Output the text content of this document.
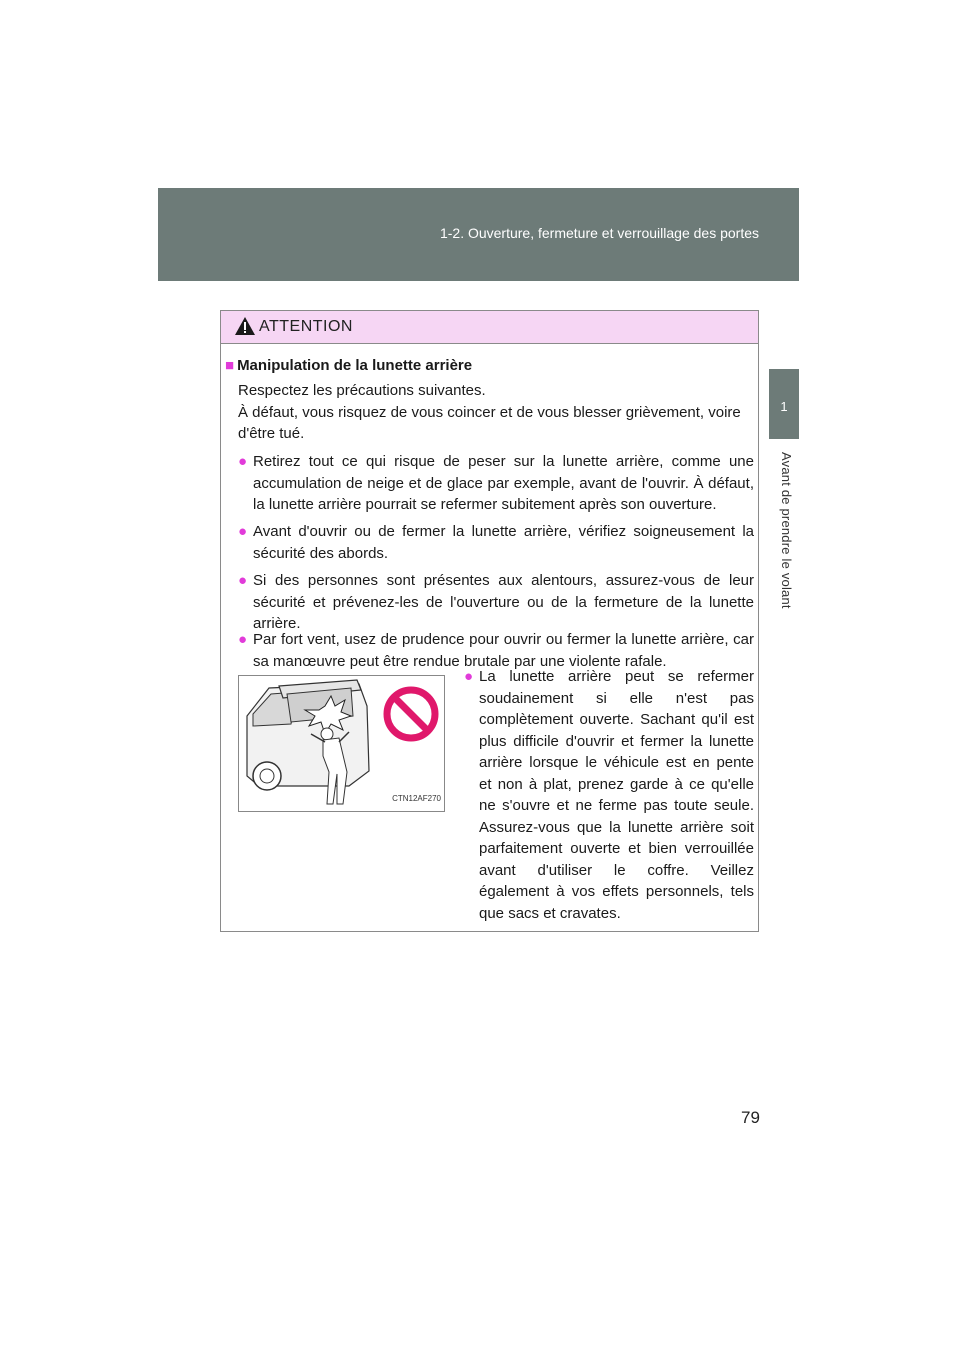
1-2. Ouverture, fermeture et verrouillage des portes
1
Avant de prendre le volant
ATTENTION
■ Manipulation de la lunette arrière
Respectez les précautions suivantes.
À défaut, vous risquez de vous coincer et de vous blesser grièvement, voire d'être tué.
● Retirez tout ce qui risque de peser sur la lunette arrière, comme une accumulation de neige et de glace par exemple, avant de l'ouvrir. À défaut, la lunette arrière pourrait se refermer subitement après son ouverture.
● Avant d'ouvrir ou de fermer la lunette arrière, vérifiez soigneusement la sécurité des abords.
● Si des personnes sont présentes aux alentours, assurez-vous de leur sécurité et prévenez-les de l'ouverture ou de la fermeture de la lunette arrière.
● Par fort vent, usez de prudence pour ouvrir ou fermer la lunette arrière, car sa manœuvre peut être rendue brutale par une violente rafale.
CTN12AF270
● La lunette arrière peut se refermer soudainement si elle n'est pas complètement ouverte. Sachant qu'il est plus difficile d'ouvrir et fermer la lunette arrière lorsque le véhicule est en pente et non à plat, prenez garde à ce qu'elle ne s'ouvre et ne ferme pas toute seule. Assurez-vous que la lunette arrière soit parfaitement ouverte et bien verrouillée avant d'utiliser le coffre. Veillez également à vos effets personnels, tels que sacs et cravates.
79
